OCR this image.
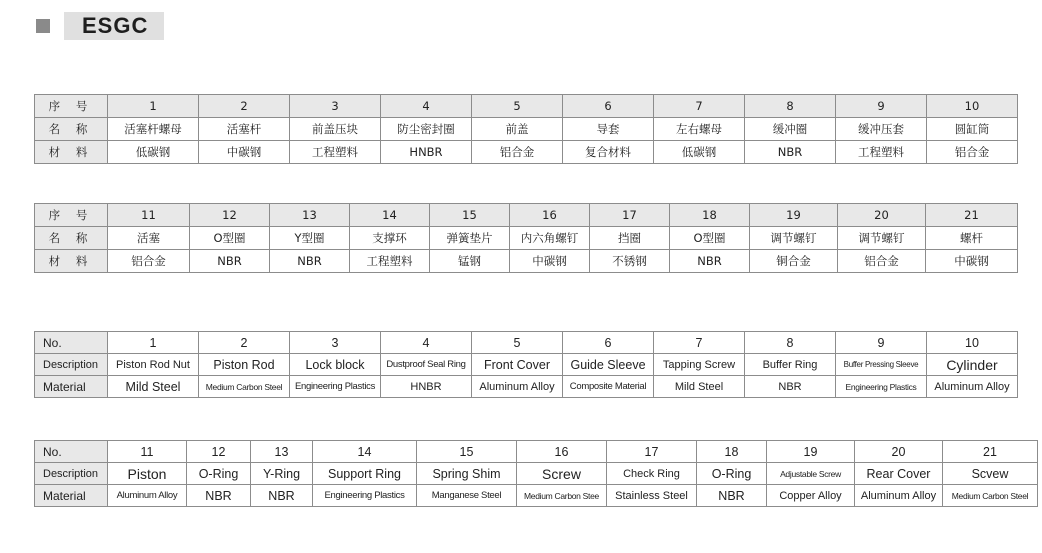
ESGC
序 号	1	2	3	4	5	6	7	8	9	10
名 称	活塞杆螺母	活塞杆	前盖压块	防尘密封圈	前盖	导套	左右螺母	缓冲圈	缓冲压套	圆缸筒
材 料	低碳钢	中碳钢	工程塑料	HNBR	铝合金	复合材料	低碳钢	NBR	工程塑料	铝合金
序 号	11	12	13	14	15	16	17	18	19	20	21
名 称	活塞	O型圈	Y型圈	支撑环	弹簧垫片	内六角螺钉	挡圈	O型圈	调节螺钉	调节螺钉	螺杆
材 料	铝合金	NBR	NBR	工程塑料	锰钢	中碳钢	不锈钢	NBR	铜合金	铝合金	中碳钢
No.	1	2	3	4	5	6	7	8	9	10
Description	Piston Rod Nut	Piston Rod	Lock block	Dustproof Seal Ring	Front Cover	Guide Sleeve	Tapping Screw	Buffer Ring	Buffer Pressing Sleeve	Cylinder
Material	Mild Steel	Medium Carbon Steel	Engineering Plastics	HNBR	Aluminum Alloy	Composite Material	Mild Steel	NBR	Engineering Plastics	Aluminum Alloy
No.	11	12	13	14	15	16	17	18	19	20	21
Description	Piston	O-Ring	Y-Ring	Support Ring	Spring Shim	Screw	Check Ring	O-Ring	Adjustable Screw	Rear Cover	Scvew
Material	Aluminum Alloy	NBR	NBR	Engineering Plastics	Manganese Steel	Medium Carbon Stee	Stainless Steel	NBR	Copper Alloy	Aluminum Alloy	Medium Carbon Steel
